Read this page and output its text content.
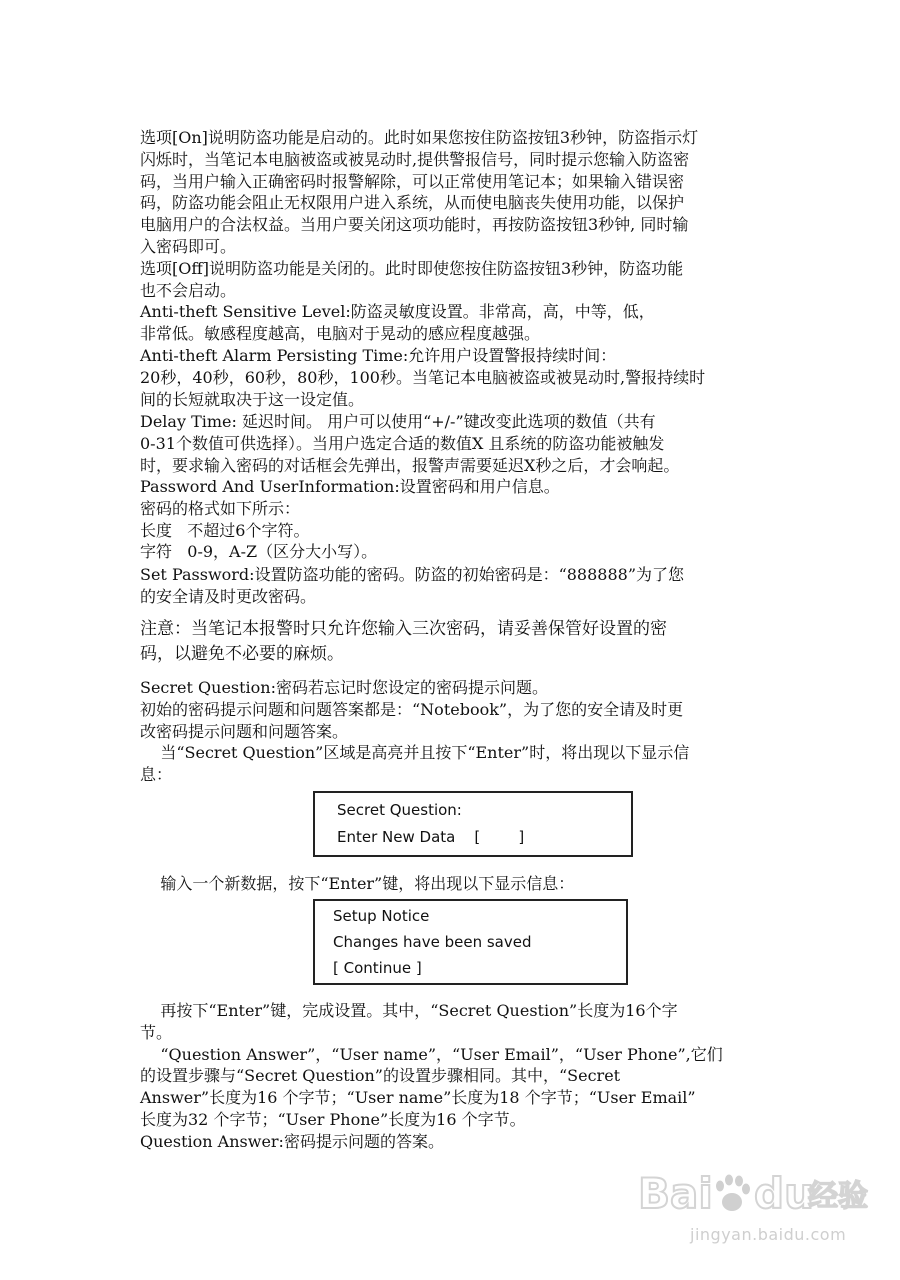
选项[On]说明防盗功能是启动的。此时如果您按住防盗按钮3秒钟，防盗指示灯
闪烁时，当笔记本电脑被盗或被晃动时,提供警报信号，同时提示您输入防盗密
码，当用户输入正确密码时报警解除，可以正常使用笔记本；如果输入错误密
码，防盗功能会阻止无权限用户进入系统，从而使电脑丧失使用功能，以保护
电脑用户的合法权益。当用户要关闭这项功能时，再按防盗按钮3秒钟, 同时输
入密码即可。
选项[Off]说明防盗功能是关闭的。此时即使您按住防盗按钮3秒钟，防盗功能
也不会启动。
Anti-theft Sensitive Level:防盗灵敏度设置。非常高，高，中等，低，
非常低。敏感程度越高，电脑对于晃动的感应程度越强。
Anti-theft Alarm Persisting Time:允许用户设置警报持续时间：
20秒，40秒，60秒，80秒，100秒。当笔记本电脑被盗或被晃动时,警报持续时
间的长短就取决于这一设定值。
Delay Time: 延迟时间。 用户可以使用“+/-”键改变此选项的数值（共有
0-31个数值可供选择）。当用户选定合适的数值X 且系统的防盗功能被触发
时，要求输入密码的对话框会先弹出，报警声需要延迟X秒之后，才会响起。
Password And UserInformation:设置密码和用户信息。
密码的格式如下所示：
长度   不超过6个字符。
字符   0-9，A-Z（区分大小写）。
Set Password:设置防盗功能的密码。防盗的初始密码是：“888888”为了您
的安全请及时更改密码。
注意：当笔记本报警时只允许您输入三次密码，请妥善保管好设置的密
码，以避免不必要的麻烦。
Secret Question:密码若忘记时您设定的密码提示问题。
初始的密码提示问题和问题答案都是：“Notebook”，为了您的安全请及时更
改密码提示问题和问题答案。
当“Secret Question”区域是高亮并且按下“Enter”时，将出现以下显示信
息：
Secret Question:
Enter New Data    [        ]
输入一个新数据，按下“Enter”键，将出现以下显示信息：
Setup Notice
Changes have been saved
[ Continue ]
再按下“Enter”键，完成设置。其中，“Secret Question”长度为16个字
节。
“Question Answer”，“User name”，“User Email”，“User Phone”,它们
的设置步骤与“Secret Question”的设置步骤相同。其中，“Secret
Answer”长度为16 个字节；“User name”长度为18 个字节；“User Email”
长度为32 个字节；“User Phone”长度为16 个字节。
Question Answer:密码提示问题的答案。
Bai du
经验
jingyan.baidu.com
